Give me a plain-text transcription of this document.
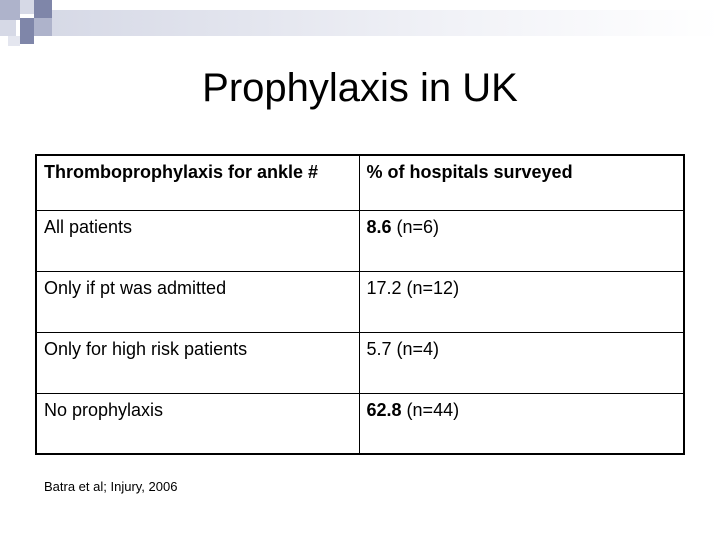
Prophylaxis in UK
Thromboprophylaxis for ankle #	% of hospitals surveyed
All patients	8.6 (n=6)
Only if pt was admitted	17.2 (n=12)
Only for high risk patients	5.7 (n=4)
No prophylaxis	62.8 (n=44)
Batra et al; Injury, 2006
